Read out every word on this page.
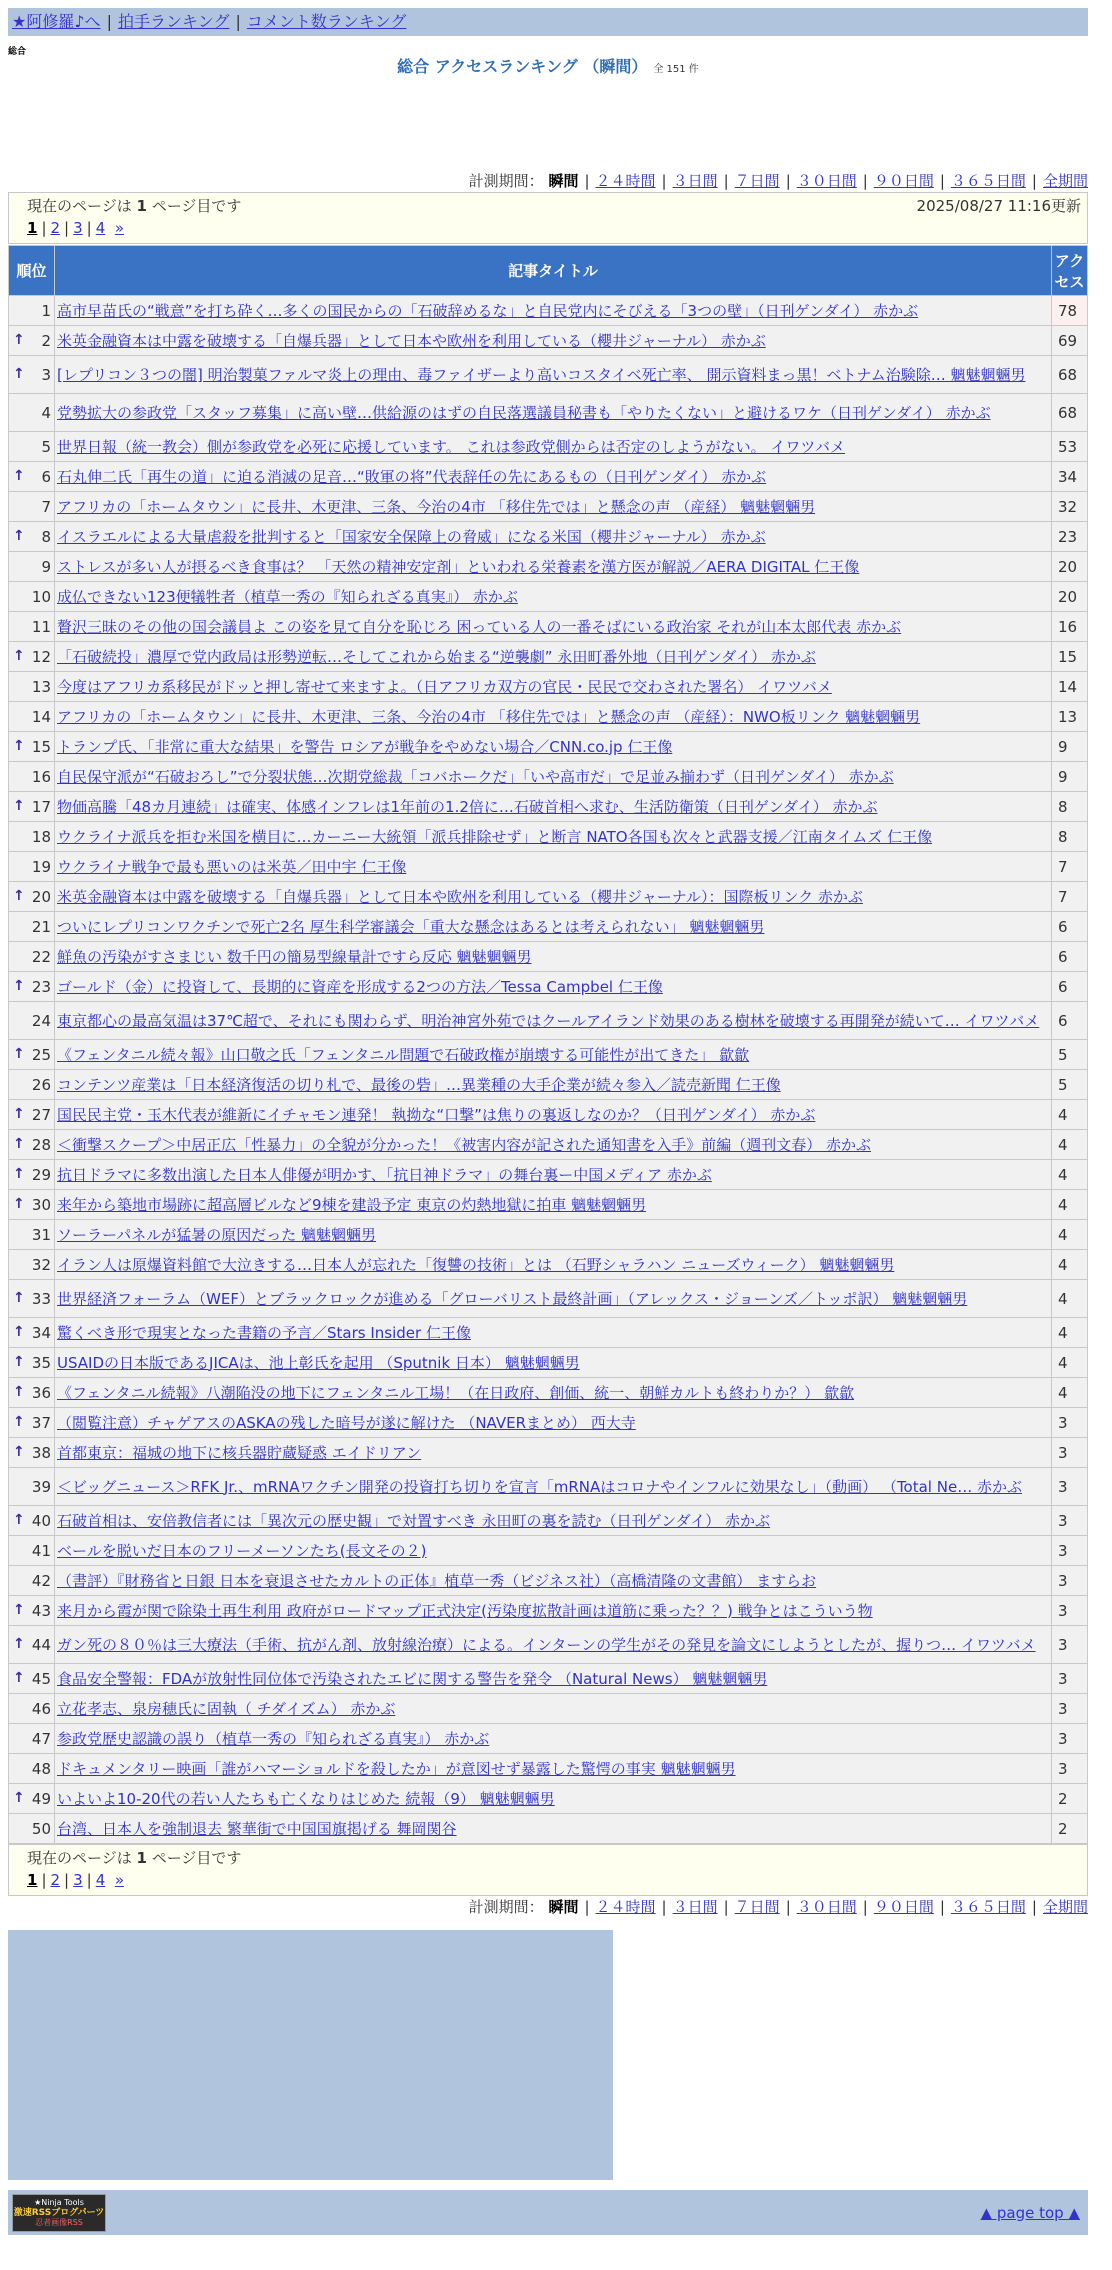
★阿修羅♪へ | 拍手ランキング | コメント数ランキング
総合
総合 アクセスランキング （瞬間） 全 151 件
計測期間： 瞬間 | ２４時間 | ３日間 | ７日間 | ３０日間 | ９０日間 | ３６５日間 | 全期間
現在のページは 1 ページ目です	2025/08/27 11:16更新
1 | 2 | 3 | 4 »
順位	記事タイトル	アクセス
1	高市早苗氏の“戦意”を打ち砕く…多くの国民からの「石破辞めるな」と自民党内にそびえる「3つの壁」（日刊ゲンダイ） 赤かぶ	78

↑ 2	米英金融資本は中露を破壊する「自爆兵器」として日本や欧州を利用している（櫻井ジャーナル） 赤かぶ	69

↑ 3	[レプリコン３つの闇] 明治製菓ファルマ炎上の理由、毒ファイザーより高いコスタイベ死亡率、 開示資料まっ黒！ベトナム治験除… 魑魅魍魎男	68
4	党勢拡大の参政党「スタッフ募集」に高い壁…供給源のはずの自民落選議員秘書も「やりたくない」と避けるワケ（日刊ゲンダイ） 赤かぶ	68
5	世界日報（統一教会）側が参政党を必死に応援しています。 これは参政党側からは否定のしようがない。 イワツバメ	53

↑ 6	石丸伸二氏「再生の道」に迫る消滅の足音…“敗軍の将”代表辞任の先にあるもの（日刊ゲンダイ） 赤かぶ	34
7	アフリカの「ホームタウン」に長井、木更津、三条、今治の4市 「移住先では」と懸念の声 （産経） 魑魅魍魎男	32

↑ 8	イスラエルによる大量虐殺を批判すると「国家安全保障上の脅威」になる米国（櫻井ジャーナル） 赤かぶ	23
9	ストレスが多い人が摂るべき食事は？ 「天然の精神安定剤」といわれる栄養素を漢方医が解説／AERA DIGITAL 仁王像	20
10	成仏できない123便犠牲者（植草一秀の『知られざる真実』） 赤かぶ	20
11	贅沢三昧のその他の国会議員よ この姿を見て自分を恥じろ 困っている人の一番そばにいる政治家 それが山本太郎代表 赤かぶ	16

↑ 12	「石破続投」濃厚で党内政局は形勢逆転…そしてこれから始まる“逆襲劇” 永田町番外地（日刊ゲンダイ） 赤かぶ	15
13	今度はアフリカ系移民がドッと押し寄せて来ますよ。（日アフリカ双方の官民・民民で交わされた署名） イワツバメ	14
14	アフリカの「ホームタウン」に長井、木更津、三条、今治の4市 「移住先では」と懸念の声 （産経）：NWO板リンク 魑魅魍魎男	13

↑ 15	トランプ氏、「非常に重大な結果」を警告 ロシアが戦争をやめない場合／CNN.co.jp 仁王像	9
16	自民保守派が“石破おろし”で分裂状態…次期党総裁「コバホークだ」「いや高市だ」で足並み揃わず（日刊ゲンダイ） 赤かぶ	9

↑ 17	物価高騰「48カ月連続」は確実、体感インフレは1年前の1.2倍に…石破首相へ求む、生活防衛策（日刊ゲンダイ） 赤かぶ	8
18	ウクライナ派兵を拒む米国を横目に…カーニー大統領「派兵排除せず」と断言 NATO各国も次々と武器支援／江南タイムズ 仁王像	8
19	ウクライナ戦争で最も悪いのは米英／田中宇 仁王像	7

↑ 20	米英金融資本は中露を破壊する「自爆兵器」として日本や欧州を利用している（櫻井ジャーナル）：国際板リンク 赤かぶ	7
21	ついにレプリコンワクチンで死亡2名 厚生科学審議会「重大な懸念はあるとは考えられない」 魑魅魍魎男	6
22	鮮魚の汚染がすさまじい 数千円の簡易型線量計ですら反応 魑魅魍魎男	6

↑ 23	ゴールド（金）に投資して、長期的に資産を形成する2つの方法／Tessa Campbel 仁王像	6
24	東京都心の最高気温は37℃超で、それにも関わらず、明治神宮外苑ではクールアイランド効果のある樹林を破壊する再開発が続いて… イワツバメ	6

↑ 25	《フェンタニル続々報》山口敬之氏「フェンタニル問題で石破政権が崩壊する可能性が出てきた」 歙歙	5
26	コンテンツ産業は「日本経済復活の切り札で、最後の砦」…異業種の大手企業が続々参入／読売新聞 仁王像	5

↑ 27	国民民主党・玉木代表が維新にイチャモン連発！ 執拗な“口撃”は焦りの裏返しなのか？（日刊ゲンダイ） 赤かぶ	4

↑ 28	＜衝撃スクープ＞中居正広「性暴力」の全貌が分かった！《被害内容が記された通知書を入手》前編（週刊文春） 赤かぶ	4

↑ 29	抗日ドラマに多数出演した日本人俳優が明かす、「抗日神ドラマ」の舞台裏ー中国メディア 赤かぶ	4

↑ 30	来年から築地市場跡に超高層ビルなど9棟を建設予定 東京の灼熱地獄に拍車 魑魅魍魎男	4
31	ソーラーパネルが猛暑の原因だった 魑魅魍魎男	4
32	イラン人は原爆資料館で大泣きする…日本人が忘れた「復讐の技術」とは （石野シャラハン ニューズウィーク） 魑魅魍魎男	4

↑ 33	世界経済フォーラム（WEF）とブラックロックが進める「グローバリスト最終計画」（アレックス・ジョーンズ／トッポ訳） 魑魅魍魎男	4

↑ 34	驚くべき形で現実となった書籍の予言／Stars Insider 仁王像	4

↑ 35	USAIDの日本版であるJICAは、池上彰氏を起用 （Sputnik 日本） 魑魅魍魎男	4

↑ 36	《フェンタニル続報》八潮陥没の地下にフェンタニル工場！（在日政府、創価、統一、朝鮮カルトも終わりか？） 歙歙	4

↑ 37	（閲覧注意）チャゲアスのASKAの残した暗号が遂に解けた （NAVERまとめ） 西大寺	3

↑ 38	首都東京：福城の地下に核兵器貯蔵疑惑 エイドリアン	3
39	＜ビッグニュース＞RFK Jr.、mRNAワクチン開発の投資打ち切りを宣言「mRNAはコロナやインフルに効果なし」（動画） （Total Ne… 赤かぶ	3

↑ 40	石破首相は、安倍教信者には「異次元の歴史観」で対置すべき 永田町の裏を読む（日刊ゲンダイ） 赤かぶ	3
41	ベールを脱いだ日本のフリーメーソンたち(長文その２)	3
42	（書評）『財務省と日銀 日本を衰退させたカルトの正体』植草一秀（ビジネス社）（高橋清隆の文書館） ますらお	3

↑ 43	来月から霞が関で除染土再生利用 政府がロードマップ正式決定(汚染度拡散計画は道筋に乗った？？) 戦争とはこういう物	3

↑ 44	ガン死の８０％は三大療法（手術、抗がん剤、放射線治療）による。インターンの学生がその発見を論文にしようとしたが、握りつ… イワツバメ	3

↑ 45	食品安全警報：FDAが放射性同位体で汚染されたエビに関する警告を発令 （Natural News） 魑魅魍魎男	3
46	立花孝志、泉房穂氏に固執（ チダイズム） 赤かぶ	3
47	参政党歴史認識の誤り（植草一秀の『知られざる真実』） 赤かぶ	3
48	ドキュメンタリー映画「誰がハマーショルドを殺したか」が意図せず暴露した驚愕の事実 魑魅魍魎男	3

↑ 49	いよいよ10-20代の若い人たちも亡くなりはじめた 続報（9） 魑魅魍魎男	2
50	台湾、日本人を強制退去 繁華街で中国国旗掲げる 舞岡関谷	2
現在のページは 1 ページ目です
1 | 2 | 3 | 4 »
計測期間： 瞬間 | ２４時間 | ３日間 | ７日間 | ３０日間 | ９０日間 | ３６５日間 | 全期間
★Ninja Tools
激速RSSブログパーツ
忍者画像RSS
▲ page top ▲
